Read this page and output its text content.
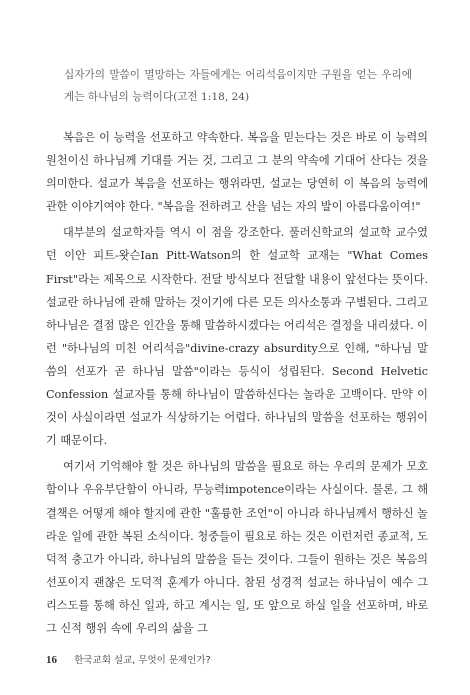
십자가의 말씀이 멸망하는 자들에게는 어리석음이지만 구원을 얻는 우리에게는 하나님의 능력이다(고전 1:18, 24)

복음은 이 능력을 선포하고 약속한다. 복음을 믿는다는 것은 바로 이 능력의 원천이신 하나님께 기대를 거는 것, 그리고 그 분의 약속에 기대어 산다는 것을 의미한다. 설교가 복음을 선포하는 행위라면, 설교는 당연히 이 복음의 능력에 관한 이야기여야 한다. "복음을 전하려고 산을 넘는 자의 발이 아름다움이여!"

대부분의 설교학자들 역시 이 점을 강조한다. 풀러신학교의 설교학 교수였던 이안 피트-왓슨Ian Pitt-Watson의 한 설교학 교재는 "What Comes First"라는 제목으로 시작한다. 전달 방식보다 전달할 내용이 앞선다는 뜻이다. 설교란 하나님에 관해 말하는 것이기에 다른 모든 의사소통과 구별된다. 그리고 하나님은 결점 많은 인간을 통해 말씀하시겠다는 어리석은 결정을 내리셨다. 이런 "하나님의 미친 어리석음"divine-crazy absurdity으로 인해, "하나님 말씀의 선포가 곧 하나님 말씀"이라는 등식이 성립된다. Second Helvetic Confession 설교자를 통해 하나님이 말씀하신다는 놀라운 고백이다. 만약 이것이 사실이라면 설교가 식상하기는 어렵다. 하나님의 말씀을 선포하는 행위이기 때문이다.

여기서 기억해야 할 것은 하나님의 말씀을 필요로 하는 우리의 문제가 모호함이나 우유부단함이 아니라, 무능력impotence이라는 사실이다. 물론, 그 해결책은 어떻게 해야 할지에 관한 "훌륭한 조언"이 아니라 하나님께서 행하신 놀라운 일에 관한 복된 소식이다. 청중들이 필요로 하는 것은 이런저런 종교적, 도덕적 충고가 아니라, 하나님의 말씀을 듣는 것이다. 그들이 원하는 것은 복음의 선포이지 괜찮은 도덕적 훈계가 아니다. 참된 성경적 설교는 하나님이 예수 그리스도를 통해 하신 일과, 하고 계시는 일, 또 앞으로 하실 일을 선포하며, 바로 그 신적 행위 속에 우리의 삶을 그

16 한국교회 설교, 무엇이 문제인가?
